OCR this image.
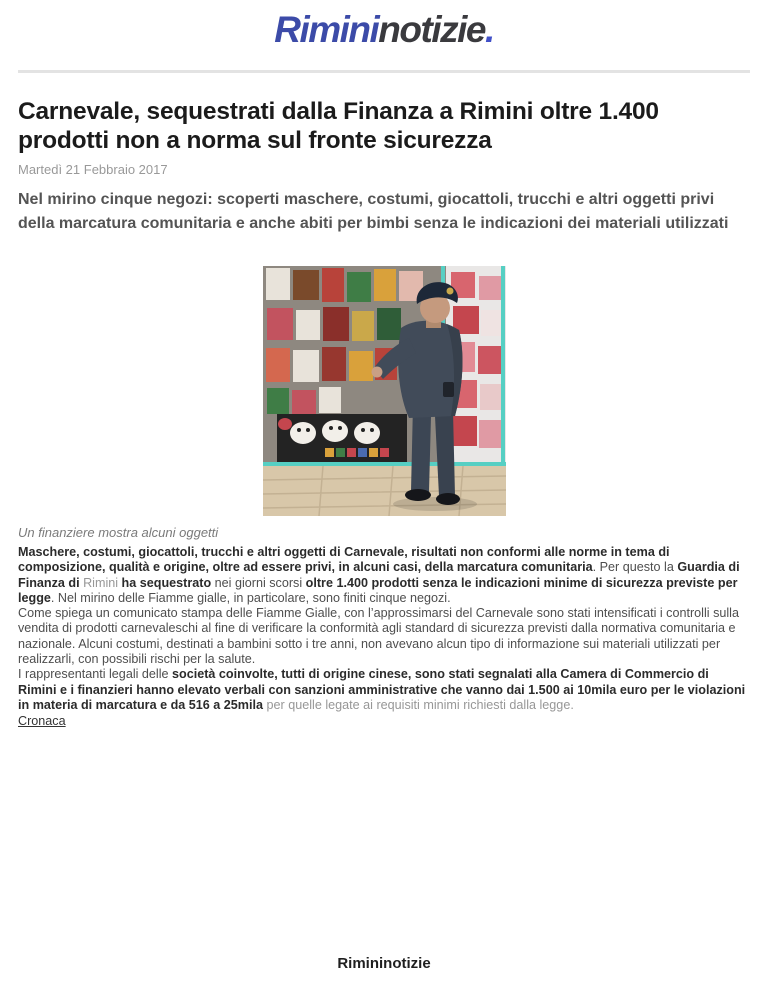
Rimininotizie.
Carnevale, sequestrati dalla Finanza a Rimini oltre 1.400 prodotti non a norma sul fronte sicurezza
Martedì 21 Febbraio 2017
Nel mirino cinque negozi: scoperti maschere, costumi, giocattoli, trucchi e altri oggetti privi della marcatura comunitaria e anche abiti per bimbi senza le indicazioni dei materiali utilizzati
Un finanziere mostra alcuni oggetti

Maschere, costumi, giocattoli, trucchi e altri oggetti di Carnevale, risultati non conformi alle norme in tema di composizione, qualità e origine, oltre ad essere privi, in alcuni casi, della marcatura comunitaria. Per questo la Guardia di Finanza di Rimini ha sequestrato nei giorni scorsi oltre 1.400 prodotti senza le indicazioni minime di sicurezza previste per legge. Nel mirino delle Fiamme gialle, in particolare, sono finiti cinque negozi.

Come spiega un comunicato stampa delle Fiamme Gialle, con l’approssimarsi del Carnevale sono stati intensificati i controlli sulla vendita di prodotti carnevaleschi al fine di verificare la conformità agli standard di sicurezza previsti dalla normativa comunitaria e nazionale. Alcuni costumi, destinati a bambini sotto i tre anni, non avevano alcun tipo di informazione sui materiali utilizzati per realizzarli, con possibili rischi per la salute.

I rappresentanti legali delle società coinvolte, tutti di origine cinese, sono stati segnalati alla Camera di Commercio di Rimini e i finanzieri hanno elevato verbali con sanzioni amministrative che vanno dai 1.500 ai 10mila euro per le violazioni in materia di marcatura e da 516 a 25mila per quelle legate ai requisiti minimi richiesti dalla legge.

Cronaca
Rimininotizie
